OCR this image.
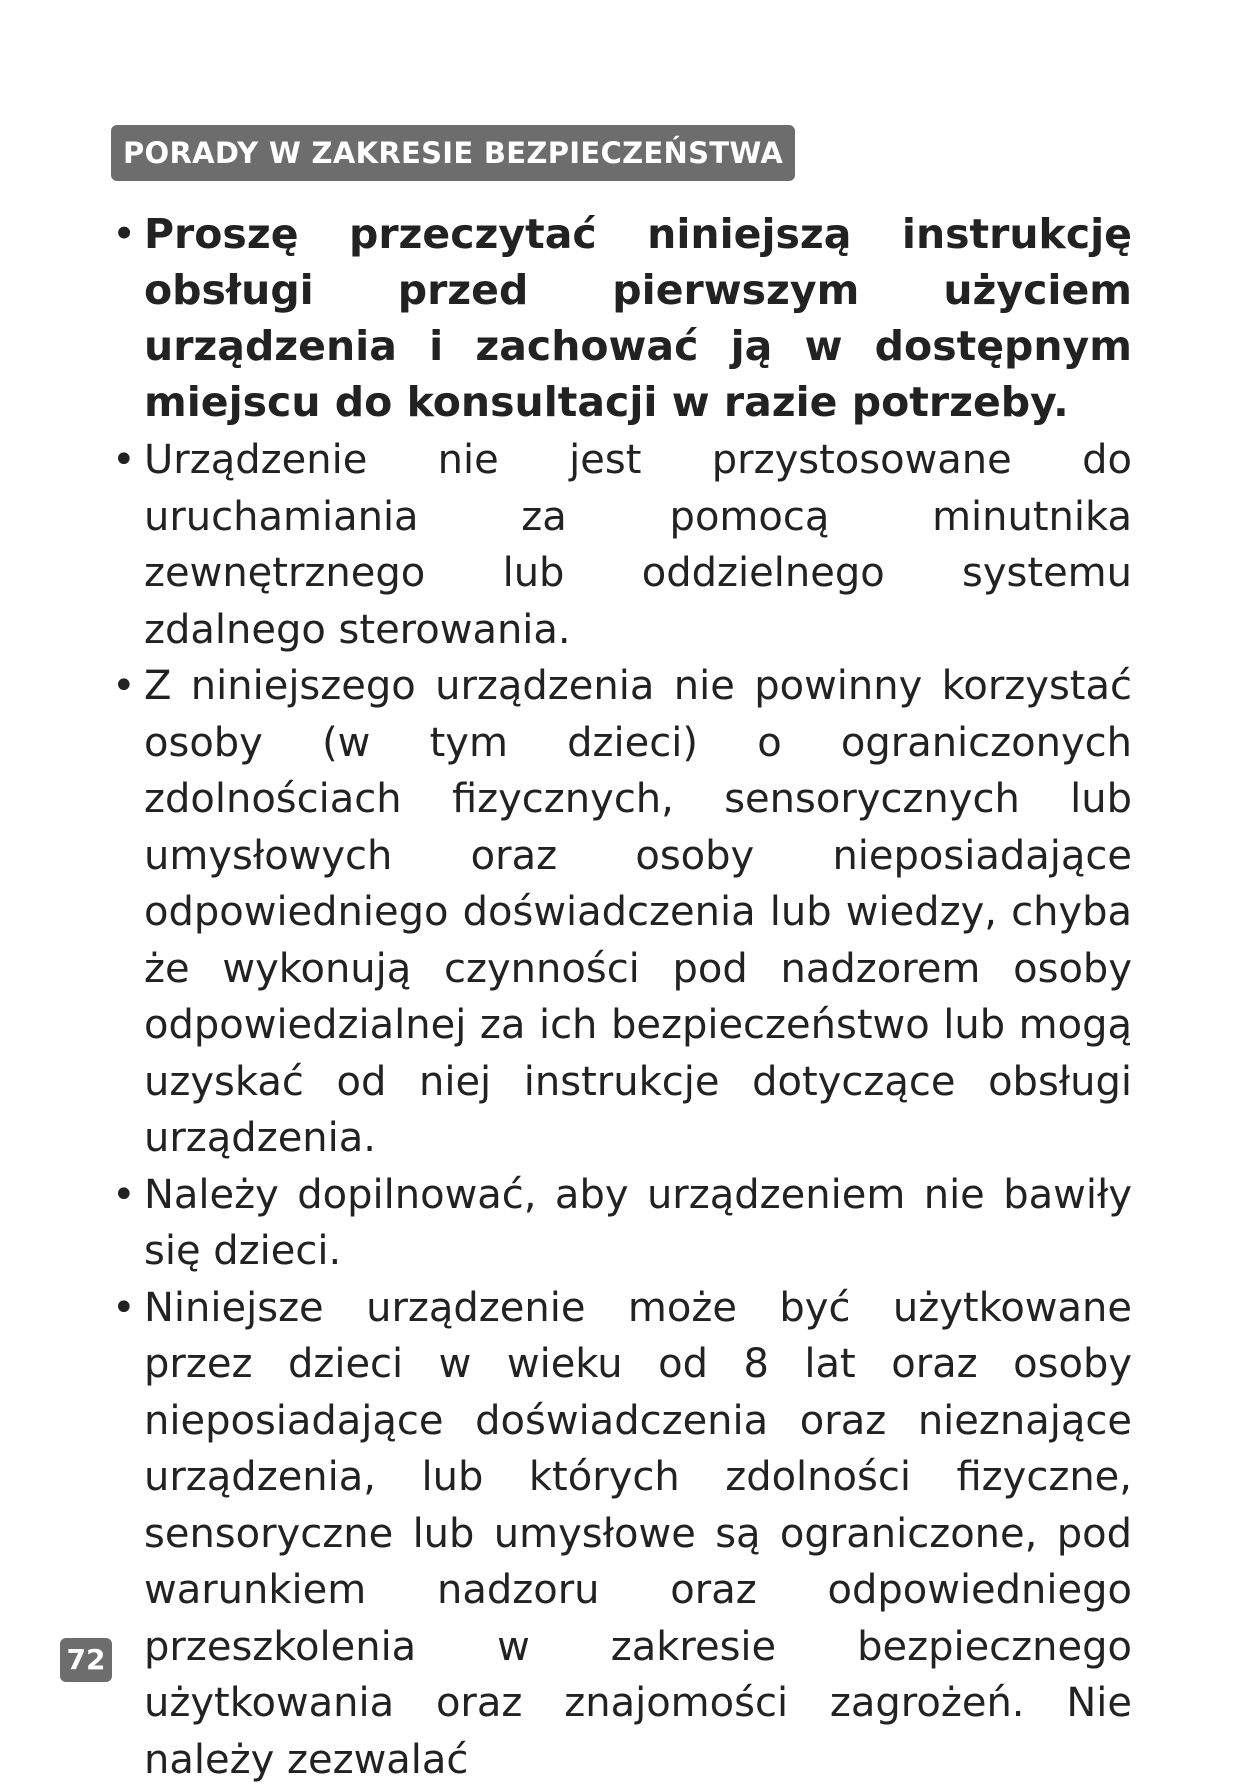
PORADY W ZAKRESIE BEZPIECZEŃSTWA
• Proszę przeczytać niniejszą instrukcję obsługi przed pierwszym użyciem urządzenia i zachować ją w dostępnym miejscu do konsultacji w razie potrzeby.
• Urządzenie nie jest przystosowane do uruchamiania za pomocą minutnika zewnętrznego lub oddzielnego systemu zdalnego sterowania.
• Z niniejszego urządzenia nie powinny korzystać osoby (w tym dzieci) o ograniczonych zdolnościach fizycznych, sensorycznych lub umysłowych oraz osoby nieposiadające odpowiedniego doświadczenia lub wiedzy, chyba że wykonują czynności pod nadzorem osoby odpowiedzialnej za ich bezpieczeństwo lub mogą uzyskać od niej instrukcje dotyczące obsługi urządzenia.
• Należy dopilnować, aby urządzeniem nie bawiły się dzieci.
• Niniejsze urządzenie może być użytkowane przez dzieci w wieku od 8 lat oraz osoby nieposiadające doświadczenia oraz nieznające urządzenia, lub których zdolności fizyczne, sensoryczne lub umysłowe są ograniczone, pod warunkiem nadzoru oraz odpowiedniego przeszkolenia w zakresie bezpiecznego użytkowania oraz znajomości zagrożeń. Nie należy zezwalać
72
